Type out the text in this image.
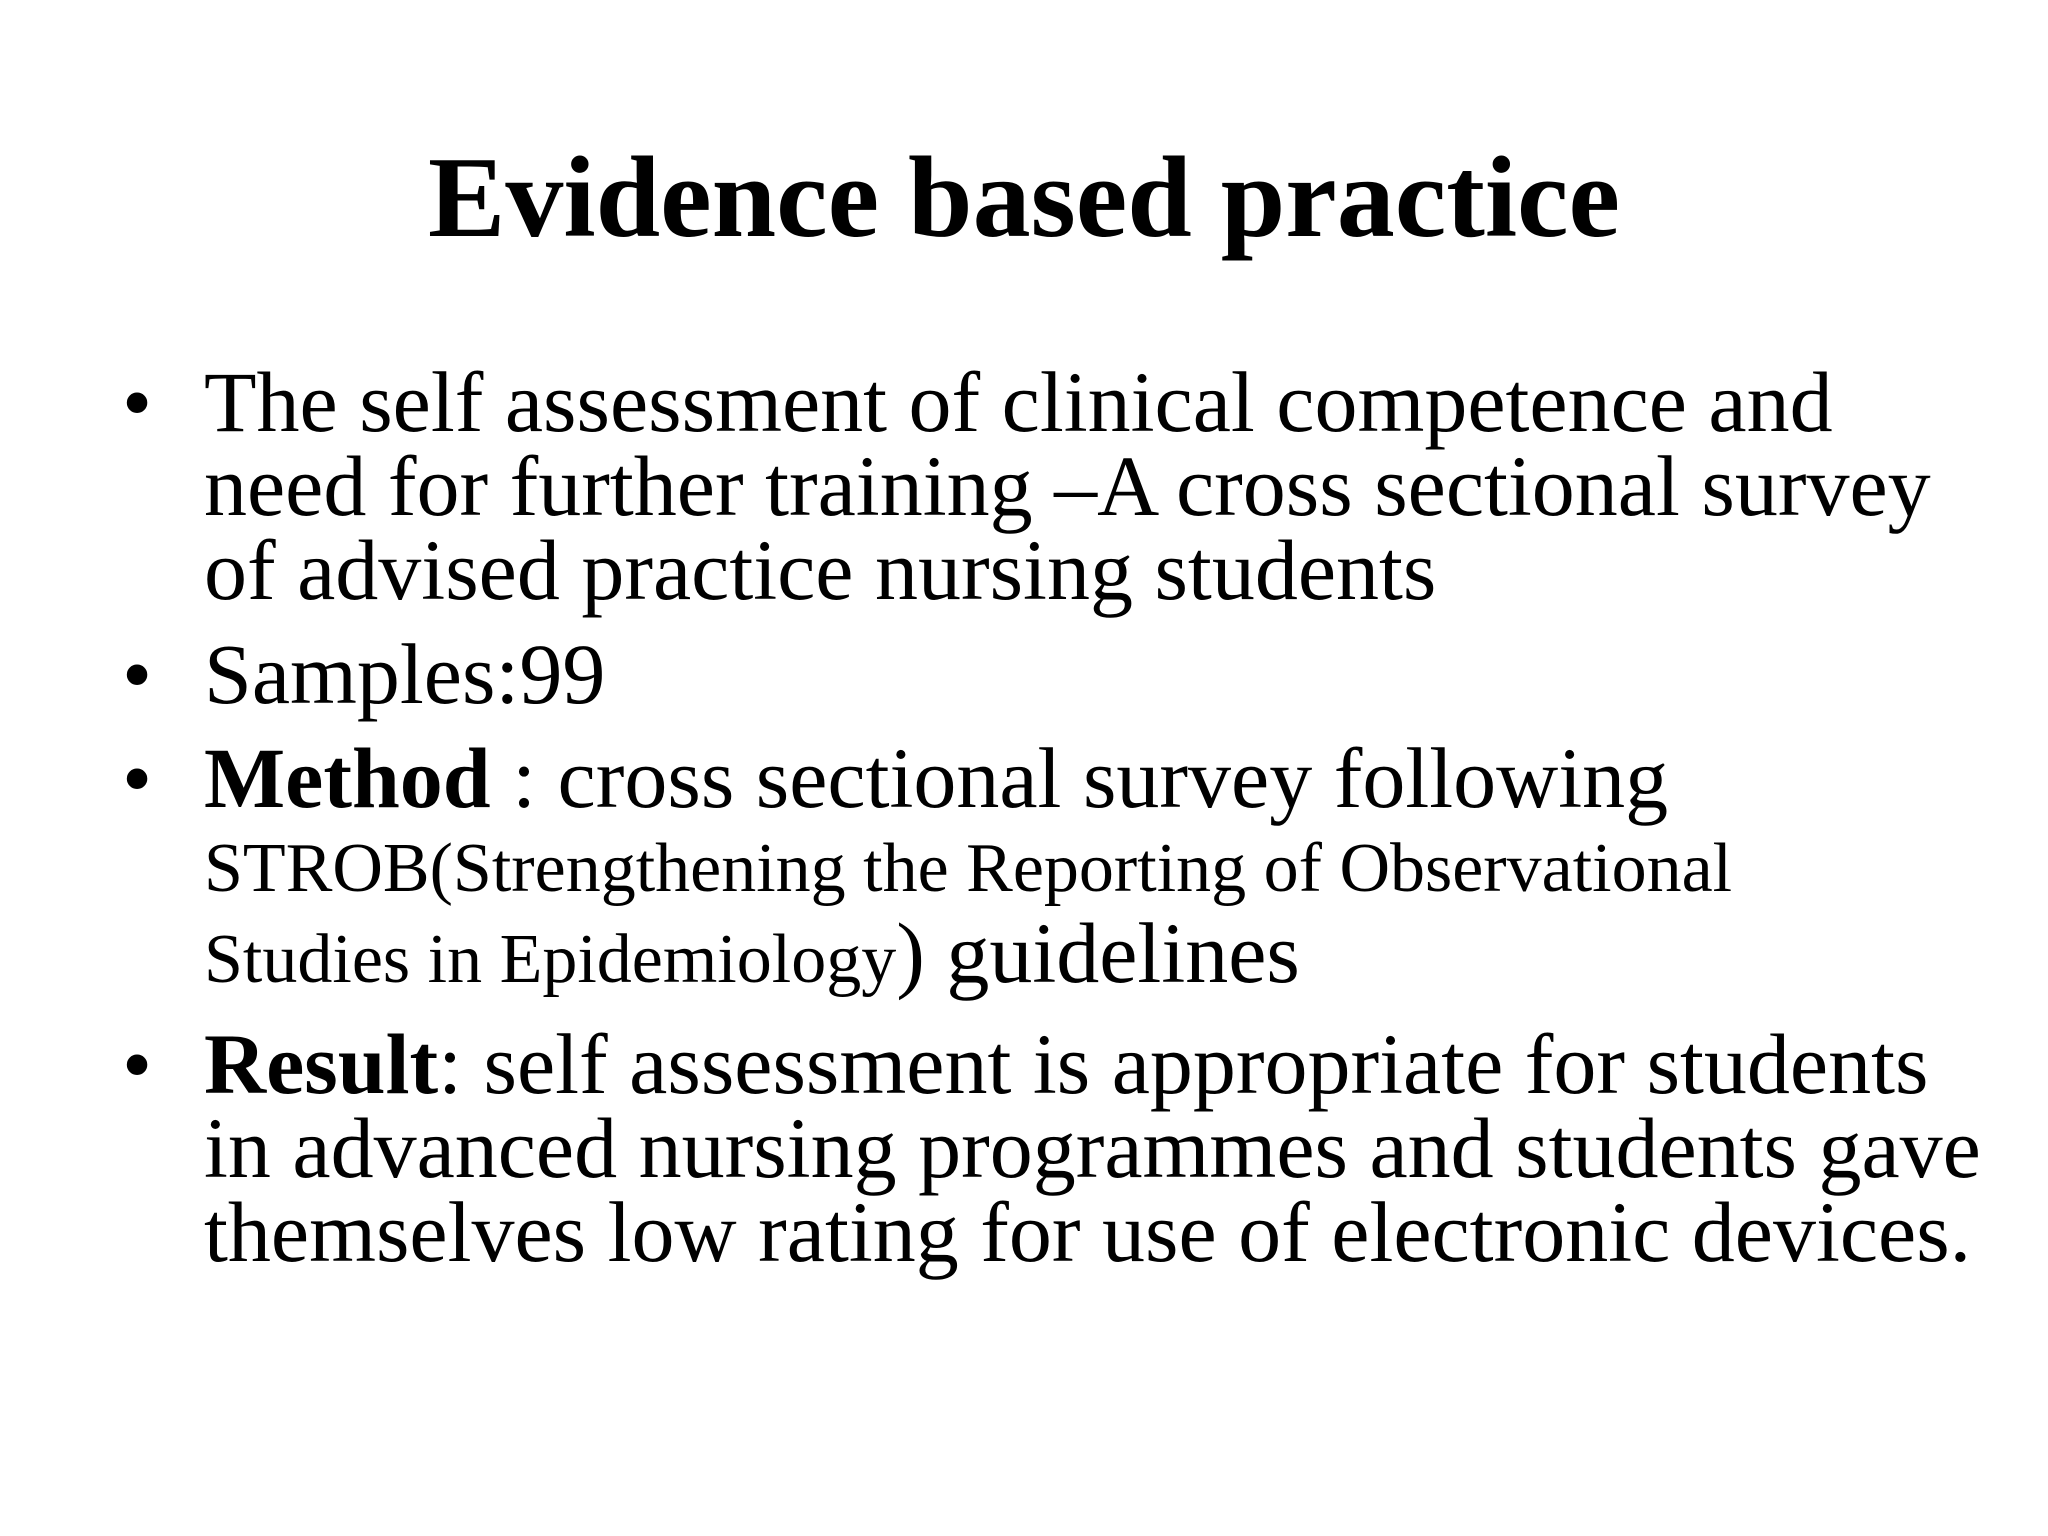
Evidence based practice
• The self assessment of clinical competence and need for further training –A cross sectional survey of advised practice nursing students
• Samples:99
• Method : cross sectional survey following
STROB(Strengthening the Reporting of Observational Studies in Epidemiology) guidelines
• Result: self assessment is appropriate for students in advanced nursing programmes and students gave themselves low rating for use of electronic devices.
